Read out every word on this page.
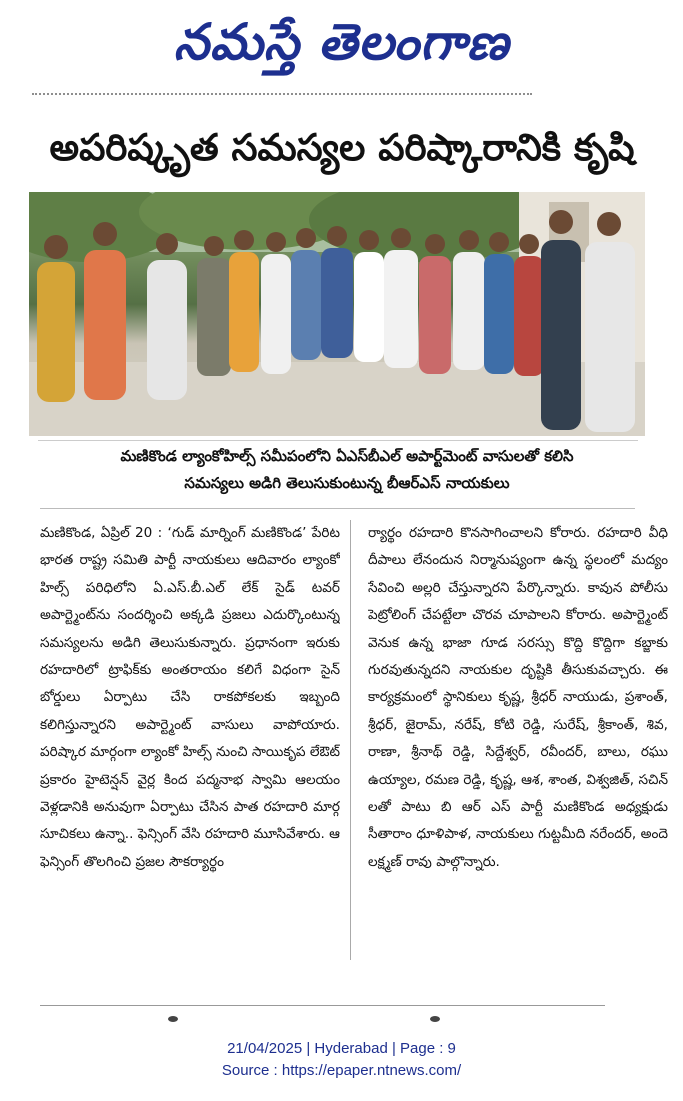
నమస్తే తెలంగాణ
అపరిష్కృత సమస్యల పరిష్కారానికి కృషి
మణికొండ ల్యాంకోహిల్స్ సమీపంలోని ఏఎస్‌బీఎల్ అపార్ట్‌మెంట్ వాసులతో కలిసి
సమస్యలు అడిగి తెలుసుకుంటున్న బీఆర్‌ఎస్ నాయకులు

మణికొండ, ఏప్రిల్ 20 : ‘గుడ్ మార్నింగ్ మణికొండ’ పేరిట భారత రాష్ట్ర సమితి పార్టీ నాయకులు ఆదివారం ల్యాంకో హిల్స్ పరిధిలోని ఏ.ఎస్.బీ.ఎల్ లేక్ సైడ్ టవర్ అపార్ట్మెంట్‌ను సందర్శించి అక్కడి ప్రజలు ఎదుర్కొంటున్న సమస్యలను అడిగి తెలుసుకున్నారు. ప్రధానంగా ఇరుకు రహదారిలో ట్రాఫిక్‌కు అంతరాయం కలిగే విధంగా సైన్ బోర్డులు ఏర్పాటు చేసి రాకపోకలకు ఇబ్బంది కలిగిస్తున్నారని అపార్ట్మెంట్ వాసులు వాపోయారు. పరిష్కార మార్గంగా ల్యాంకో హిల్స్ నుంచి సాయికృప లేఔట్ ప్రకారం హైటెన్షన్ వైర్ల కింద పద్మనాభ స్వామి ఆలయం వెళ్లడానికి అనువుగా ఏర్పాటు చేసిన పాత రహదారి మార్గ సూచికలు ఉన్నా.. ఫెన్సింగ్ వేసి రహదారి మూసివేశారు. ఆ ఫెన్సింగ్ తొలగించి ప్రజల సౌకర్యార్థం

ర్యార్థం రహదారి కొనసాగించాలని కోరారు. రహదారి వీధి దీపాలు లేనందున నిర్మానుష్యంగా ఉన్న స్థలంలో మద్యం సేవించి అల్లరి చేస్తున్నారని పేర్కొన్నారు. కావున పోలీసు పెట్రోలింగ్ చేపట్టేలా చొరవ చూపాలని కోరారు. అపార్ట్మెంట్ వెనుక ఉన్న భాజా గూడ సరస్సు కొద్ది కొద్దిగా కబ్జాకు గురవుతున్నదని నాయకుల దృష్టికి తీసుకువచ్చారు. ఈ కార్యక్రమంలో స్థానికులు కృష్ణ, శ్రీధర్ నాయుడు, ప్రశాంత్, శ్రీధర్, జైరామ్, నరేష్, కోటి రెడ్డి, సురేష్, శ్రీకాంత్, శివ, రాణా, శ్రీనాథ్ రెడ్డి, సిద్దేశ్వర్, రవీందర్, బాలు, రఘు ఉయ్యాల, రమణ రెడ్డి, కృష్ణ, ఆశ, శాంత, విశ్వజిత్, సచిన్ లతో పాటు బి ఆర్ ఎస్ పార్టీ మణికొండ అధ్యక్షుడు సీతారాం ధూళిపాళ, నాయకులు గుట్టమీది నరేందర్, అందె లక్ష్మణ్ రావు పాల్గొన్నారు.

21/04/2025 | Hyderabad | Page : 9
Source : https://epaper.ntnews.com/
